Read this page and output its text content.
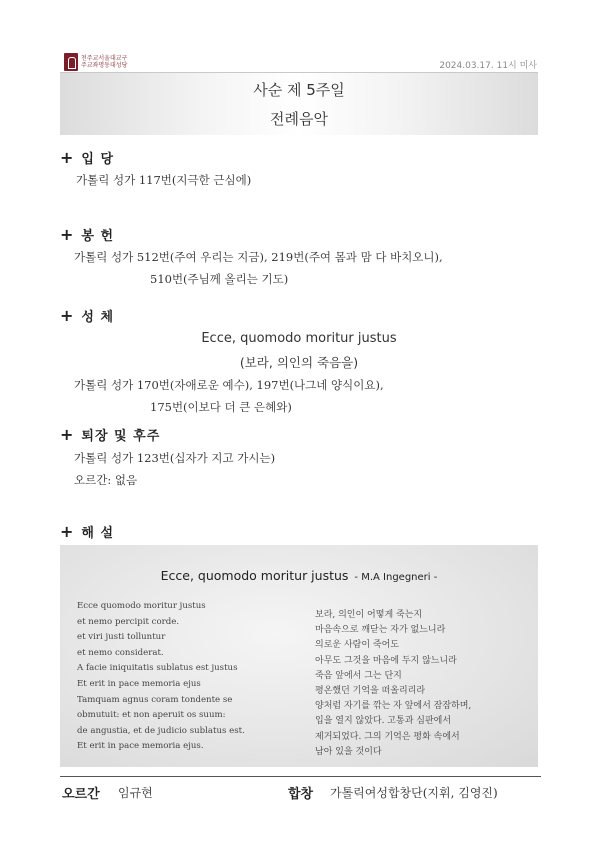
천주교서울대교구
주교좌명동대성당	2024.03.17. 11시 미사
사순 제 5주일
전례음악
+ 입 당
가톨릭 성가 117번(지극한 근심에)
+ 봉 헌
가톨릭 성가 512번(주여 우리는 지금), 219번(주여 몸과 맘 다 바치오니),
510번(주님께 올리는 기도)
+ 성 체
Ecce, quomodo moritur justus
(보라, 의인의 죽음을)
가톨릭 성가 170번(자애로운 예수), 197번(나그네 양식이요),
175번(이보다 더 큰 은혜와)
+ 퇴장 및 후주
가톨릭 성가 123번(십자가 지고 가시는)
오르간: 없음
+ 해 설
Ecce, quomodo moritur justus - M.A Ingegneri -
Ecce quomodo moritur justus
et nemo percipit corde.
et viri justi tolluntur
et nemo considerat.
A facie iniquitatis sublatus est justus
Et erit in pace memoria ejus
Tamquam agnus coram tondente se
obmutuit: et non aperuit os suum:
de angustia, et de judicio sublatus est.
Et erit in pace memoria ejus.
보라, 의인이 어떻게 죽는지
마음속으로 깨닫는 자가 없느니라
의로운 사람이 죽어도
아무도 그것을 마음에 두지 않느니라
죽음 앞에서 그는 단지
평온했던 기억을 떠올리리라
양처럼 자기를 깎는 자 앞에서 잠잠하며,
입을 열지 않았다. 고통과 심판에서
제거되었다. 그의 기억은 평화 속에서
남아 있을 것이다
오르간 임규현	합창 가톨릭여성합창단(지휘, 김영진)
